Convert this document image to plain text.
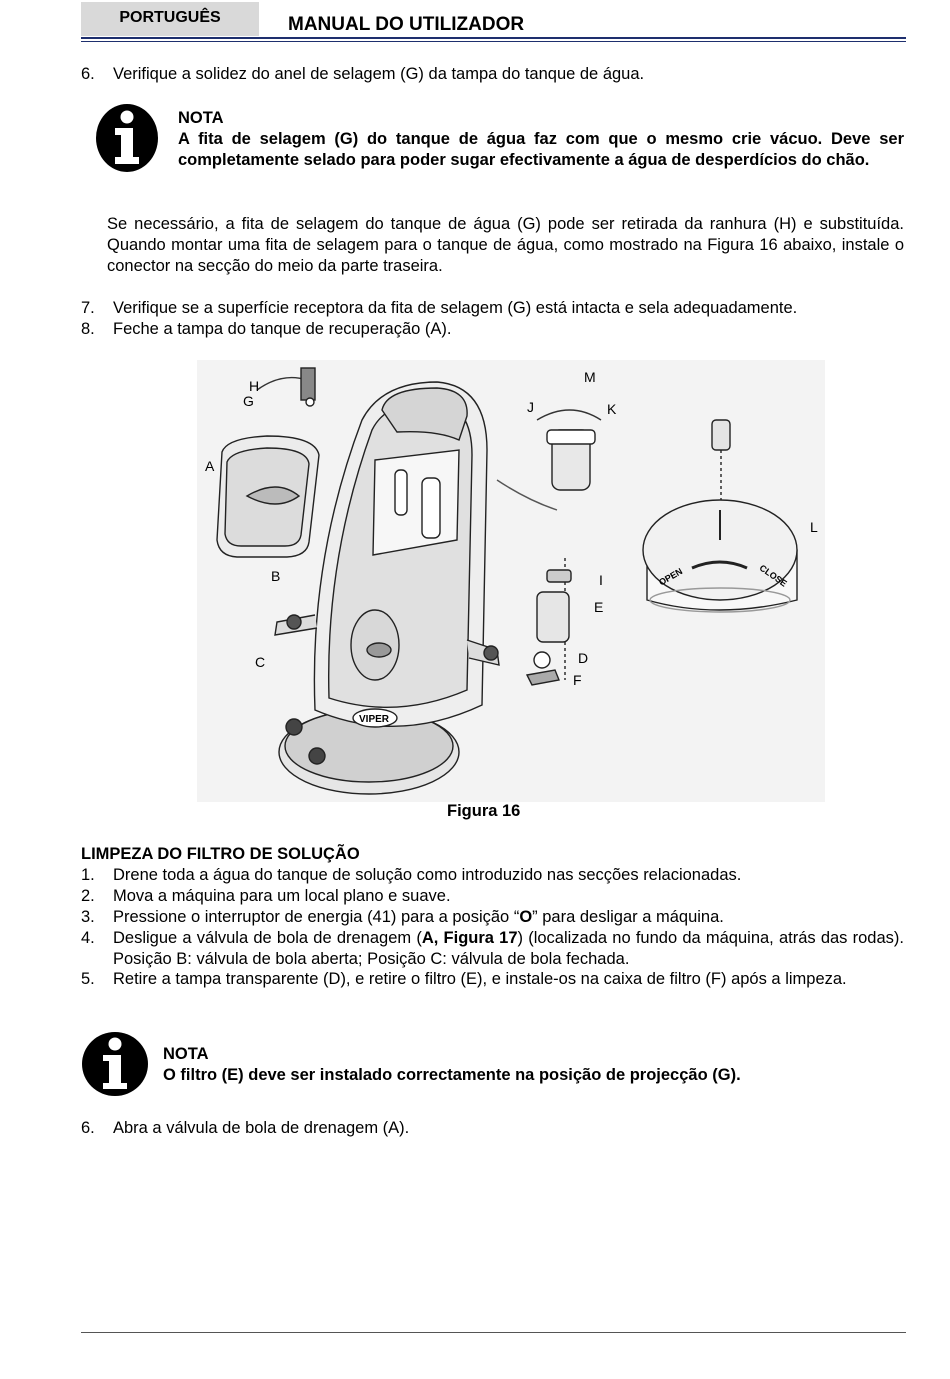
PORTUGUÊS	MANUAL DO UTILIZADOR
6.	Verifique a solidez do anel de selagem (G) da tampa do tanque de água.
NOTA
A fita de selagem (G) do tanque de água faz com que o mesmo crie vácuo. Deve ser completamente selado para poder sugar efectivamente a água de desperdícios do chão.
Se necessário, a fita de selagem do tanque de água (G) pode ser retirada da ranhura (H) e substituída. Quando montar uma fita de selagem para o tanque de água, como mostrado na Figura 16 abaixo, instale o conector na secção do meio da parte traseira.
7.	Verifique se a superfície receptora da fita de selagem (G) está intacta e sela adequadamente.
8.	Feche a tampa do tanque de recuperação (A).
H
G
A
B
C
M
J	K
L
I
E
D
F
VIPER
OPEN	CLOSE
Figura 16
LIMPEZA DO FILTRO DE SOLUÇÃO
1.	Drene toda a água do tanque de solução como introduzido nas secções relacionadas.
2.	Mova a máquina para um local plano e suave.
3.	Pressione o interruptor de energia (41) para a posição “O” para desligar a máquina.
4.	Desligue a válvula de bola de drenagem (A, Figura 17) (localizada no fundo da máquina, atrás das rodas). Posição B: válvula de bola aberta; Posição C: válvula de bola fechada.
5.	Retire a tampa transparente (D), e retire o filtro (E), e instale-os na caixa de filtro (F) após a limpeza.
NOTA
O filtro (E) deve ser instalado correctamente na posição de projecção (G).
6.	Abra a válvula de bola de drenagem (A).
